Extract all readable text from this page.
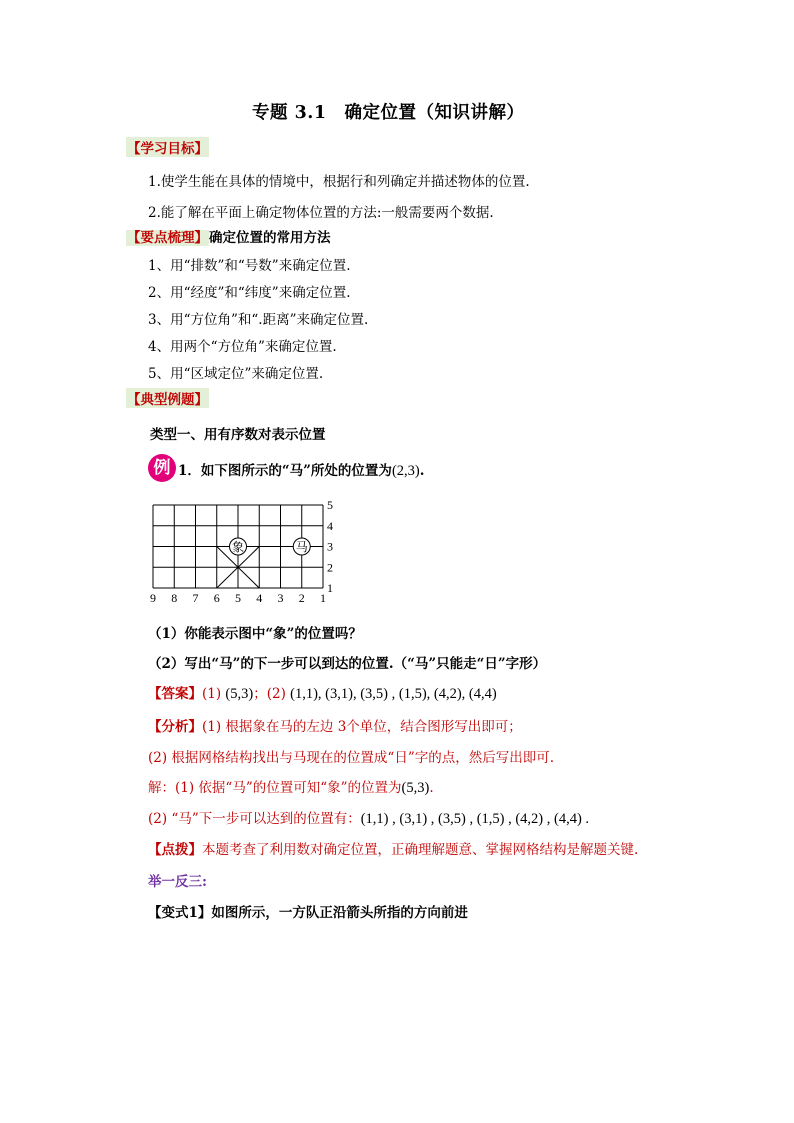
专题 3.1　确定位置（知识讲解）
【学习目标】
1.使学生能在具体的情境中，根据行和列确定并描述物体的位置.
2.能了解在平面上确定物体位置的方法:一般需要两个数据.
【要点梳理】确定位置的常用方法
1、用“排数”和“号数”来确定位置.
2、用“经度”和“纬度”来确定位置.
3、用“方位角”和“.距离”来确定位置.
4、用两个“方位角”来确定位置.
5、用“区域定位”来确定位置.
【典型例题】
类型一、用有序数对表示位置
例 1．如下图所示的“马”所处的位置为(2,3).
9 8 7 6 5 4 3 2 1
5
4
3
2
1
象	马
（1）你能表示图中“象”的位置吗？
（2）写出“马”的下一步可以到达的位置.（“马”只能走“日”字形）
【答案】(1) (5,3)；(2) (1,1), (3,1), (3,5) , (1,5), (4,2), (4,4)
【分析】(1) 根据象在马的左边 3个单位，结合图形写出即可；
(2) 根据网格结构找出与马现在的位置成“日”字的点，然后写出即可.
解：(1) 依据“马”的位置可知“象”的位置为(5,3).
(2) “马”下一步可以达到的位置有：(1,1) , (3,1) , (3,5) , (1,5) , (4,2) , (4,4) .
【点拨】本题考查了利用数对确定位置，正确理解题意、掌握网格结构是解题关键.
举一反三:
【变式1】如图所示，一方队正沿箭头所指的方向前进
